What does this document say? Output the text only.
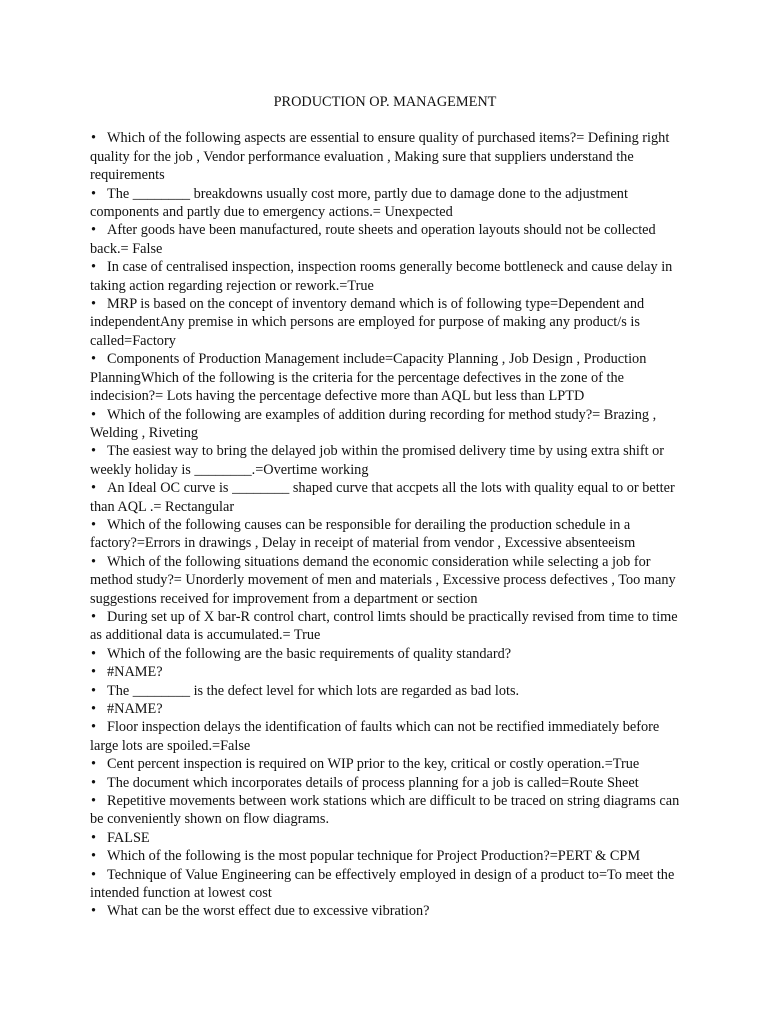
PRODUCTION OP. MANAGEMENT
• Which of the following aspects are essential to ensure quality of purchased items?= Defining right quality for the job , Vendor performance evaluation , Making sure that suppliers understand the requirements
• The ________ breakdowns usually cost more, partly due to damage done to the adjustment components and partly due to emergency actions.= Unexpected
• After goods have been manufactured, route sheets and operation layouts should not be collected back.= False
• In case of centralised inspection, inspection rooms generally become bottleneck and cause delay in taking action regarding rejection or rework.=True
• MRP is based on the concept of inventory demand which is of following type=Dependent and independentAny premise in which persons are employed for purpose of making any product/s is called=Factory
• Components of Production Management include=Capacity Planning , Job Design , Production PlanningWhich of the following is the criteria for the percentage defectives in the zone of the indecision?= Lots having the percentage defective more than AQL but less than LPTD
• Which of the following are examples of addition during recording for method study?= Brazing , Welding , Riveting
• The easiest way to bring the delayed job within the promised delivery time by using extra shift or weekly holiday is ________.=Overtime working
• An Ideal OC curve is ________ shaped curve that accpets all the lots with quality equal to or better than AQL .= Rectangular
• Which of the following causes can be responsible for derailing the production schedule in a factory?=Errors in drawings , Delay in receipt of material from vendor , Excessive absenteeism
• Which of the following situations demand the economic consideration while selecting a job for method study?= Unorderly movement of men and materials , Excessive process defectives , Too many suggestions received for improvement from a department or section
• During set up of X bar-R control chart, control limts should be practically revised from time to time as additional data is accumulated.= True
• Which of the following are the basic requirements of quality standard?
• #NAME?
• The ________ is the defect level for which lots are regarded as bad lots.
• #NAME?
• Floor inspection delays the identification of faults which can not be rectified immediately before large lots are spoiled.=False
• Cent percent inspection is required on WIP prior to the key, critical or costly operation.=True
• The document which incorporates details of process planning for a job is called=Route Sheet
• Repetitive movements between work stations which are difficult to be traced on string diagrams can be conveniently shown on flow diagrams.
• FALSE
• Which of the following is the most popular technique for Project Production?=PERT & CPM
• Technique of Value Engineering can be effectively employed in design of a product to=To meet the intended function at lowest cost
• What can be the worst effect due to excessive vibration?
